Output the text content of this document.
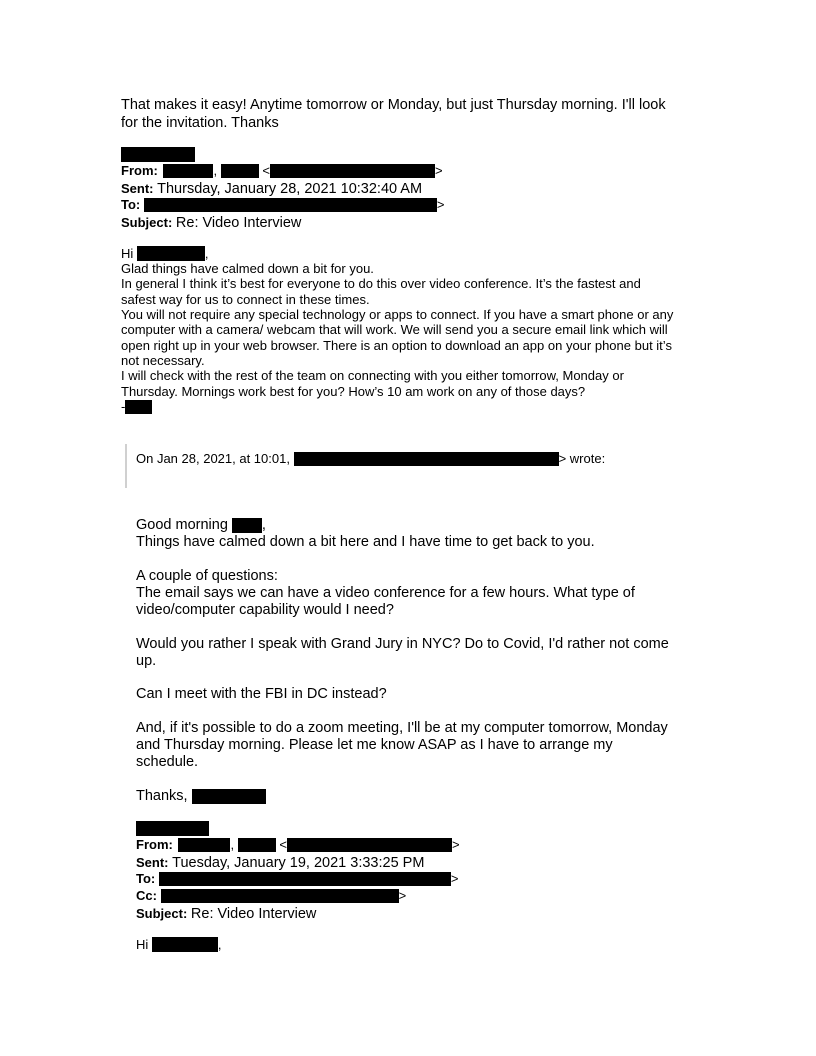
That makes it easy! Anytime tomorrow or Monday, but just Thursday morning. I'll look
for the invitation. Thanks
From:	,	<	>
Sent: Thursday, January 28, 2021 10:32:40 AM
To:	>
Subject: Re: Video Interview
Hi	,
Glad things have calmed down a bit for you.
In general I think it’s best for everyone to do this over video conference. It’s the fastest and
safest way for us to connect in these times.
You will not require any special technology or apps to connect. If you have a smart phone or any
computer with a camera/ webcam that will work. We will send you a secure email link which will
open right up in your web browser. There is an option to download an app on your phone but it’s
not necessary.
I will check with the rest of the team on connecting with you either tomorrow, Monday or
Thursday. Mornings work best for you? How’s 10 am work on any of those days?
-
On Jan 28, 2021, at 10:01,	> wrote:
Good morning ,
Things have calmed down a bit here and I have time to get back to you.
A couple of questions:
The email says we can have a video conference for a few hours. What type of
video/computer capability would I need?
Would you rather I speak with Grand Jury in NYC? Do to Covid, I'd rather not come
up.
Can I meet with the FBI in DC instead?
And, if it's possible to do a zoom meeting, I'll be at my computer tomorrow, Monday
and Thursday morning. Please let me know ASAP as I have to arrange my
schedule.
Thanks,
From:	,	<	>
Sent: Tuesday, January 19, 2021 3:33:25 PM
To:	>
Cc:	>
Subject: Re: Video Interview
Hi	,
